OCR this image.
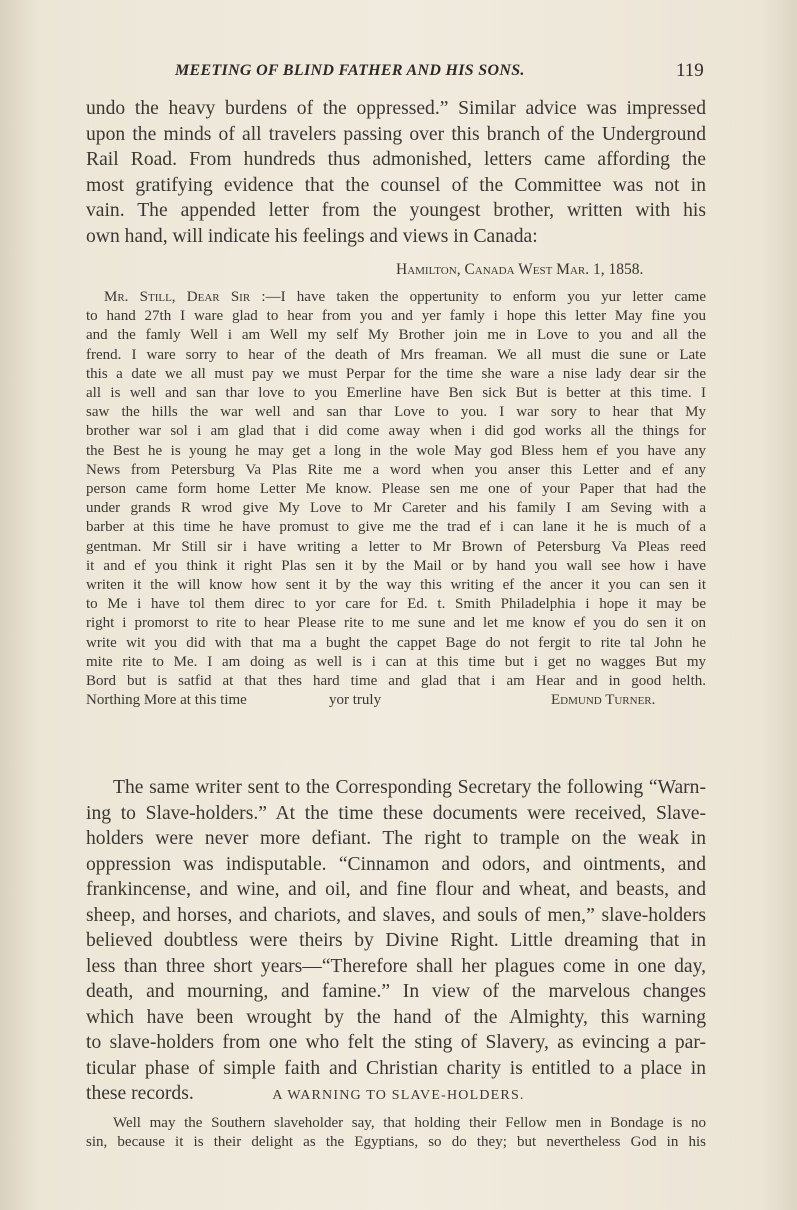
MEETING OF BLIND FATHER AND HIS SONS.	119
undo the heavy burdens of the oppressed.” Similar advice was impressed
upon the minds of all travelers passing over this branch of the Underground
Rail Road. From hundreds thus admonished, letters came affording the
most gratifying evidence that the counsel of the Committee was not in
vain. The appended letter from the youngest brother, written with his
own hand, will indicate his feelings and views in Canada:
Hamilton, Canada West Mar. 1, 1858.
Mr. Still, Dear Sir :—I have taken the oppertunity to enform you yur letter came
to hand 27th I ware glad to hear from you and yer famly i hope this letter May fine you
and the famly Well i am Well my self My Brother join me in Love to you and all the
frend. I ware sorry to hear of the death of Mrs freaman. We all must die sune or Late
this a date we all must pay we must Perpar for the time she ware a nise lady dear sir the
all is well and san thar love to you Emerline have Ben sick But is better at this time. I
saw the hills the war well and san thar Love to you. I war sory to hear that My
brother war sol i am glad that i did come away when i did god works all the things for
the Best he is young he may get a long in the wole May god Bless hem ef you have any
News from Petersburg Va Plas Rite me a word when you anser this Letter and ef any
person came form home Letter Me know. Please sen me one of your Paper that had the
under grands R wrod give My Love to Mr Careter and his family I am Seving with a
barber at this time he have promust to give me the trad ef i can lane it he is much of a
gentman. Mr Still sir i have writing a letter to Mr Brown of Petersburg Va Pleas reed
it and ef you think it right Plas sen it by the Mail or by hand you wall see how i have
writen it the will know how sent it by the way this writing ef the ancer it you can sen it
to Me i have tol them direc to yor care for Ed. t. Smith Philadelphia i hope it may be
right i promorst to rite to hear Please rite to me sune and let me know ef you do sen it on
write wit you did with that ma a bught the cappet Bage do not fergit to rite tal John he
mite rite to Me. I am doing as well is i can at this time but i get no wagges But my
Bord but is satfid at that thes hard time and glad that i am Hear and in good helth.
Northing More at this time	yor truly	Edmund Turner.
The same writer sent to the Corresponding Secretary the following “Warn-
ing to Slave-holders.” At the time these documents were received, Slave-
holders were never more defiant. The right to trample on the weak in
oppression was indisputable. “Cinnamon and odors, and ointments, and
frankincense, and wine, and oil, and fine flour and wheat, and beasts, and
sheep, and horses, and chariots, and slaves, and souls of men,” slave-holders
believed doubtless were theirs by Divine Right. Little dreaming that in
less than three short years—“Therefore shall her plagues come in one day,
death, and mourning, and famine.” In view of the marvelous changes
which have been wrought by the hand of the Almighty, this warning
to slave-holders from one who felt the sting of Slavery, as evincing a par-
ticular phase of simple faith and Christian charity is entitled to a place in
these records.	A WARNING TO SLAVE-HOLDERS.
Well may the Southern slaveholder say, that holding their Fellow men in Bondage is no
sin, because it is their delight as the Egyptians, so do they; but nevertheless God in his
